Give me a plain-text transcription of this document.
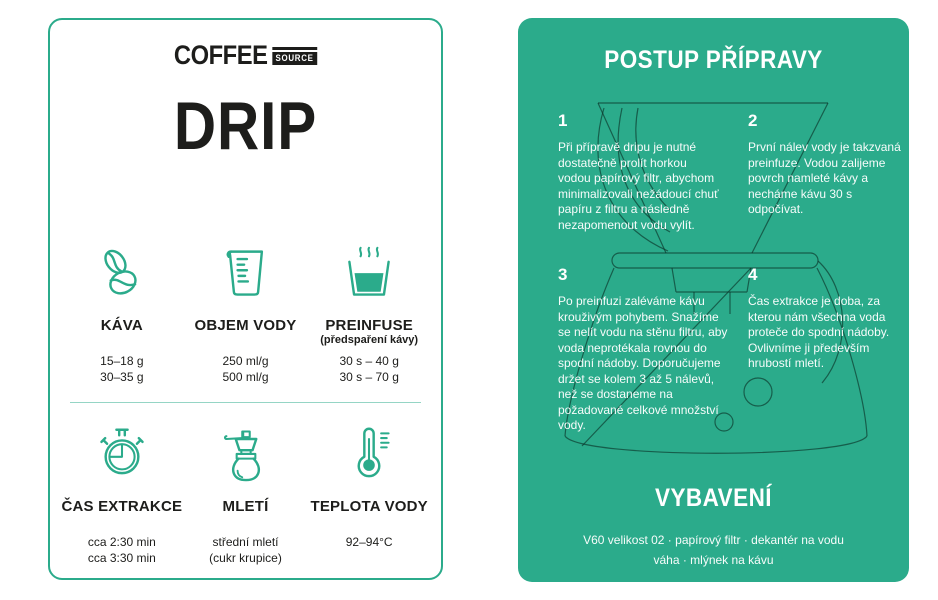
COFFEE SOURCE
DRIP
KÁVA
15–18 g
30–35 g
OBJEM VODY
250 ml/g
500 ml/g
PREINFUSE
(předspaření kávy)
30 s – 40 g
30 s – 70 g
ČAS EXTRAKCE
cca 2:30 min
cca 3:30 min
MLETÍ
střední mletí
(cukr krupice)
TEPLOTA VODY
92–94°C
POSTUP PŘÍPRAVY
1
Při přípravě dripu je nutné dostatečně prolít horkou vodou papírový filtr, abychom minimalizovali nežádoucí chuť papíru z filtru a následně nezapomenout vodu vylít.
2
První nálev vody je takzvaná preinfuze. Vodou zalijeme povrch namleté kávy a necháme kávu 30 s odpočívat.
3
Po preinfuzi zaléváme kávu krouživým pohybem. Snažíme se nelít vodu na stěnu filtru, aby voda neprotékala rovnou do spodní nádoby. Doporučujeme držet se kolem 3 až 5 nálevů, než se dostaneme na požadované celkové množství vody.
4
Čas extrakce je doba, za kterou nám všechna voda proteče do spodní nádoby. Ovlivníme ji především hrubostí mletí.
VYBAVENÍ
V60 velikost 02 · papírový filtr · dekantér na vodu
váha · mlýnek na kávu
